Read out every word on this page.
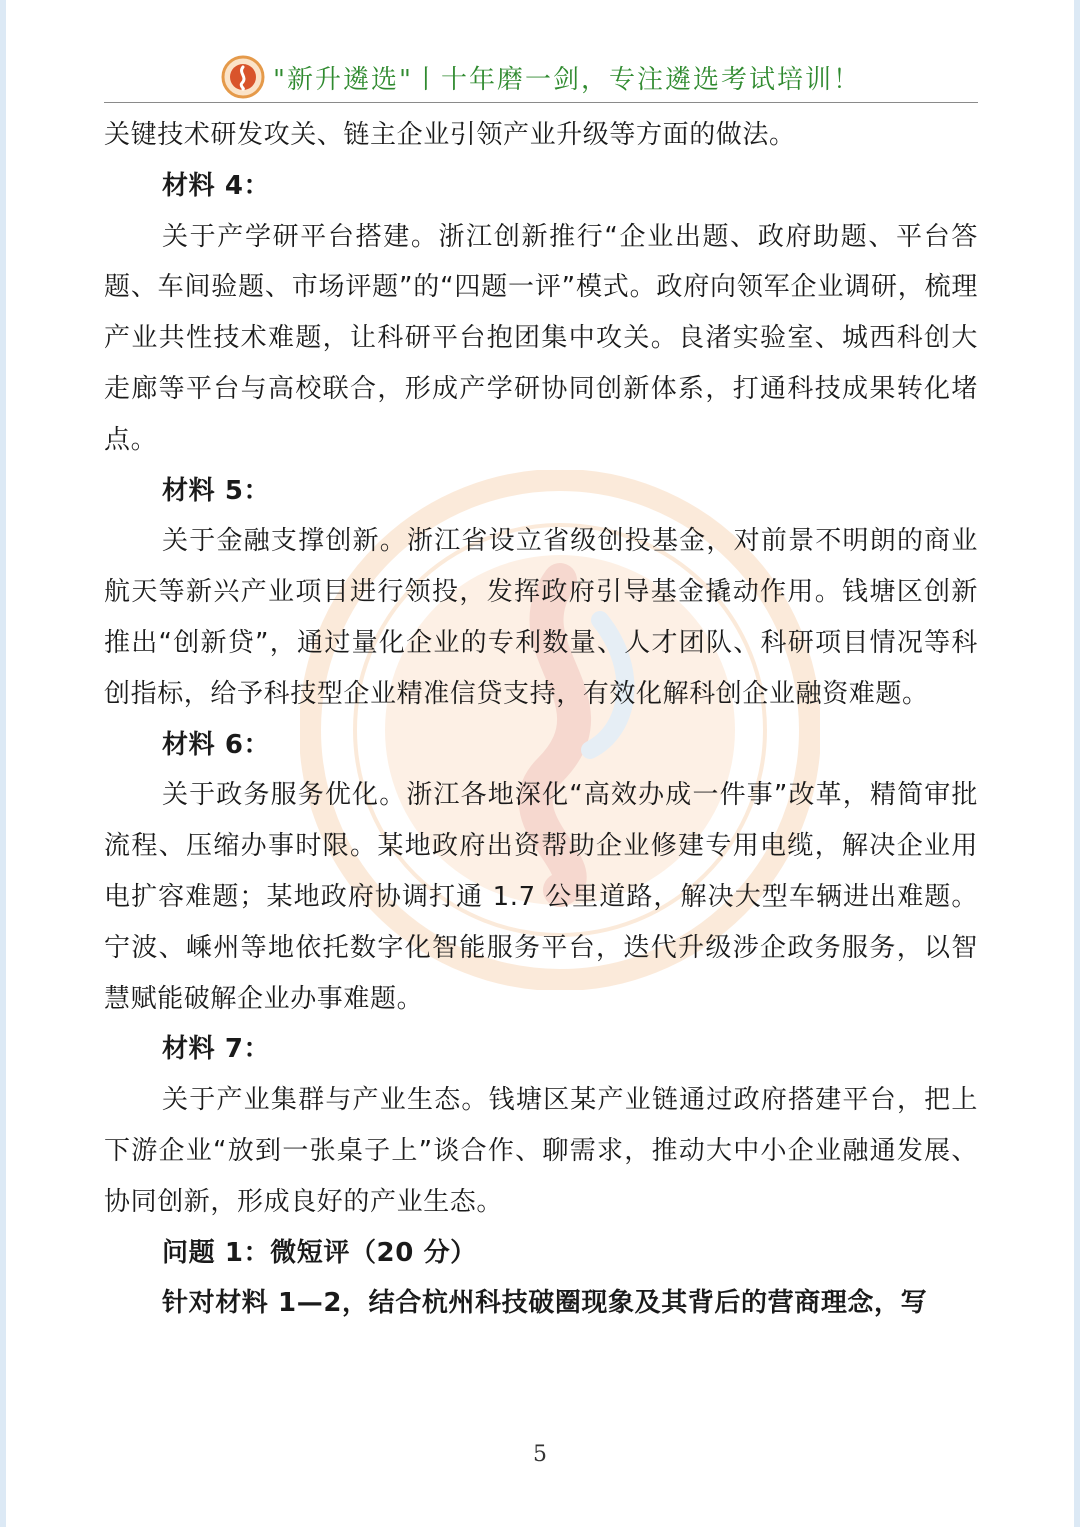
"新升遴选"丨十年磨一剑，专注遴选考试培训！

关键技术研发攻关、链主企业引领产业升级等方面的做法。

材料 4：

关于产学研平台搭建。浙江创新推行“企业出题、政府助题、平台答题、车间验题、市场评题”的“四题一评”模式。政府向领军企业调研，梳理产业共性技术难题，让科研平台抱团集中攻关。良渚实验室、城西科创大走廊等平台与高校联合，形成产学研协同创新体系，打通科技成果转化堵点。

材料 5：

关于金融支撑创新。浙江省设立省级创投基金，对前景不明朗的商业航天等新兴产业项目进行领投，发挥政府引导基金撬动作用。钱塘区创新推出“创新贷”，通过量化企业的专利数量、人才团队、科研项目情况等科创指标，给予科技型企业精准信贷支持，有效化解科创企业融资难题。

材料 6：

关于政务服务优化。浙江各地深化“高效办成一件事”改革，精简审批流程、压缩办事时限。某地政府出资帮助企业修建专用电缆，解决企业用电扩容难题；某地政府协调打通 1.7 公里道路，解决大型车辆进出难题。宁波、嵊州等地依托数字化智能服务平台，迭代升级涉企政务服务，以智慧赋能破解企业办事难题。

材料 7：

关于产业集群与产业生态。钱塘区某产业链通过政府搭建平台，把上下游企业“放到一张桌子上”谈合作、聊需求，推动大中小企业融通发展、协同创新，形成良好的产业生态。

问题 1：微短评（20 分）

针对材料 1—2，结合杭州科技破圈现象及其背后的营商理念，写

5
